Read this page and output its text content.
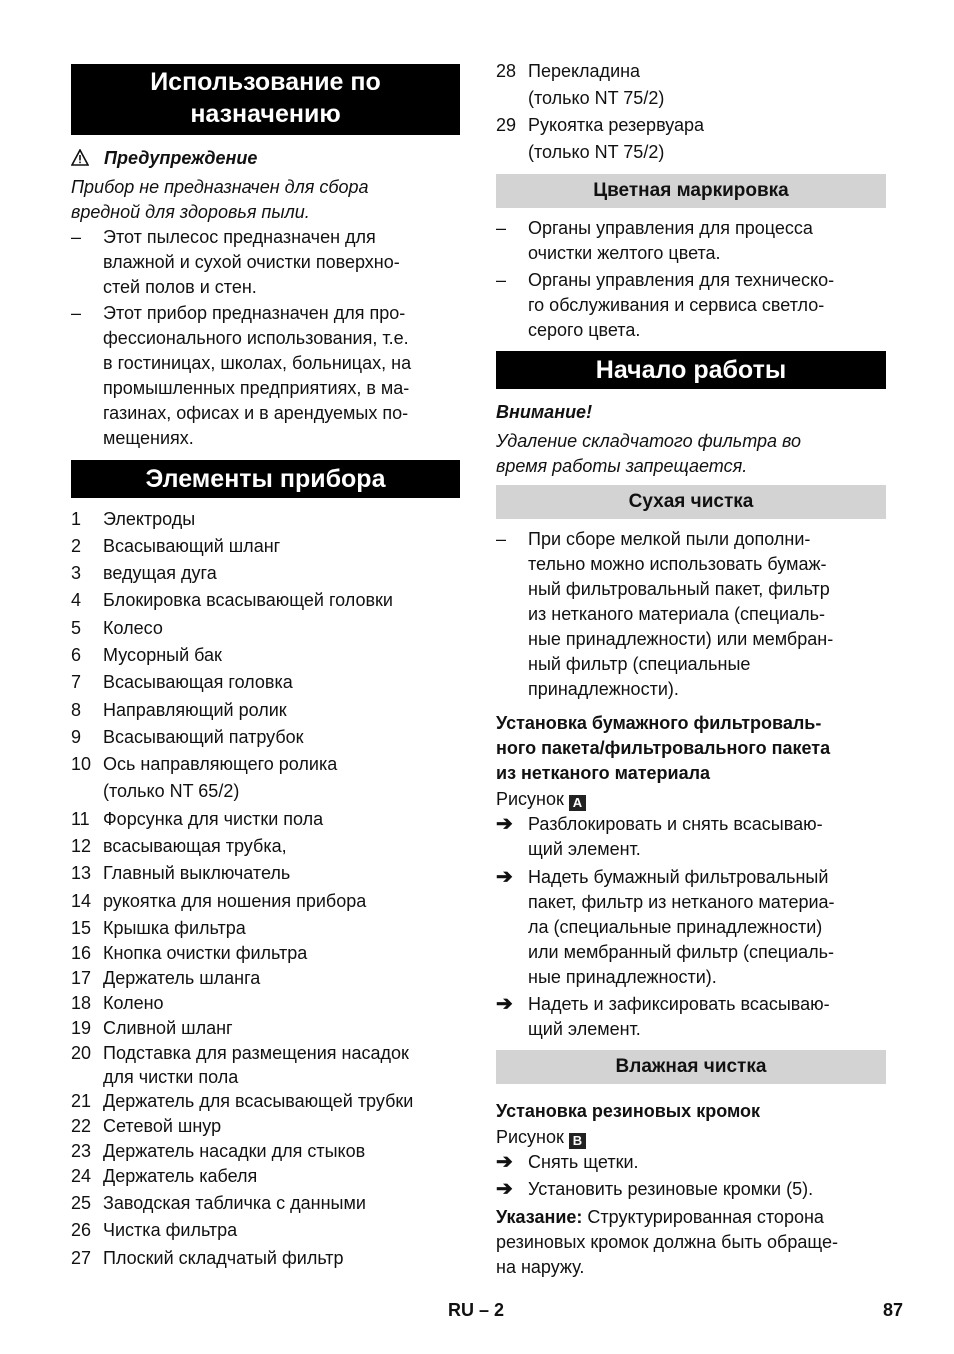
Использование по
назначению
Предупреждение
Прибор не предназначен для сбора
вредной для здоровья пыли.
– Этот пылесос предназначен для
влажной и сухой очистки поверхно-
стей полов и стен.
– Этот прибор предназначен для про-
фессионального использования, т.е.
в гостиницах, школах, больницах, на
промышленных предприятиях, в ма-
газинах, офисах и в арендуемых по-
мещениях.
Элементы прибора
1 Электроды
2 Всасывающий шланг
3 ведущая дуга
4 Блокировка всасывающей головки
5 Колесо
6 Мусорный бак
7 Всасывающая головка
8 Направляющий ролик
9 Всасывающий патрубок
10 Ось направляющего ролика
(только NT 65/2)
11 Форсунка для чистки пола
12 всасывающая трубка,
13 Главный выключатель
14 рукоятка для ношения прибора
15 Крышка фильтра
16 Кнопка очистки фильтра
17 Держатель шланга
18 Колено
19 Сливной шланг
20 Подставка для размещения насадок
для чистки пола
21 Держатель для всасывающей трубки
22 Сетевой шнур
23 Держатель насадки для стыков
24 Держатель кабеля
25 Заводская табличка с данными
26 Чистка фильтра
27 Плоский складчатый фильтр
28 Перекладина
(только NT 75/2)
29 Рукоятка резервуара
(только NT 75/2)
Цветная маркировка
– Органы управления для процесса
очистки желтого цвета.
– Органы управления для техническо-
го обслуживания и сервиса светло-
серого цвета.
Начало работы
Внимание!
Удаление складчатого фильтра во
время работы запрещается.
Сухая чистка
– При сборе мелкой пыли дополни-
тельно можно использовать бумаж-
ный фильтровальный пакет, фильтр
из нетканого материала (специаль-
ные принадлежности) или мембран-
ный фильтр (специальные
принадлежности).
Установка бумажного фильтроваль-
ного пакета/фильтровального пакета
из нетканого материала
Рисунок A
➔ Разблокировать и снять всасываю-
щий элемент.
➔ Надеть бумажный фильтровальный
пакет, фильтр из нетканого материа-
ла (специальные принадлежности)
или мембранный фильтр (специаль-
ные принадлежности).
➔ Надеть и зафиксировать всасываю-
щий элемент.
Влажная чистка
Установка резиновых кромок
Рисунок B
➔ Снять щетки.
➔ Установить резиновые кромки (5).
Указание: Структурированная сторона
резиновых кромок должна быть обраще-
на наружу.
RU – 2	87
